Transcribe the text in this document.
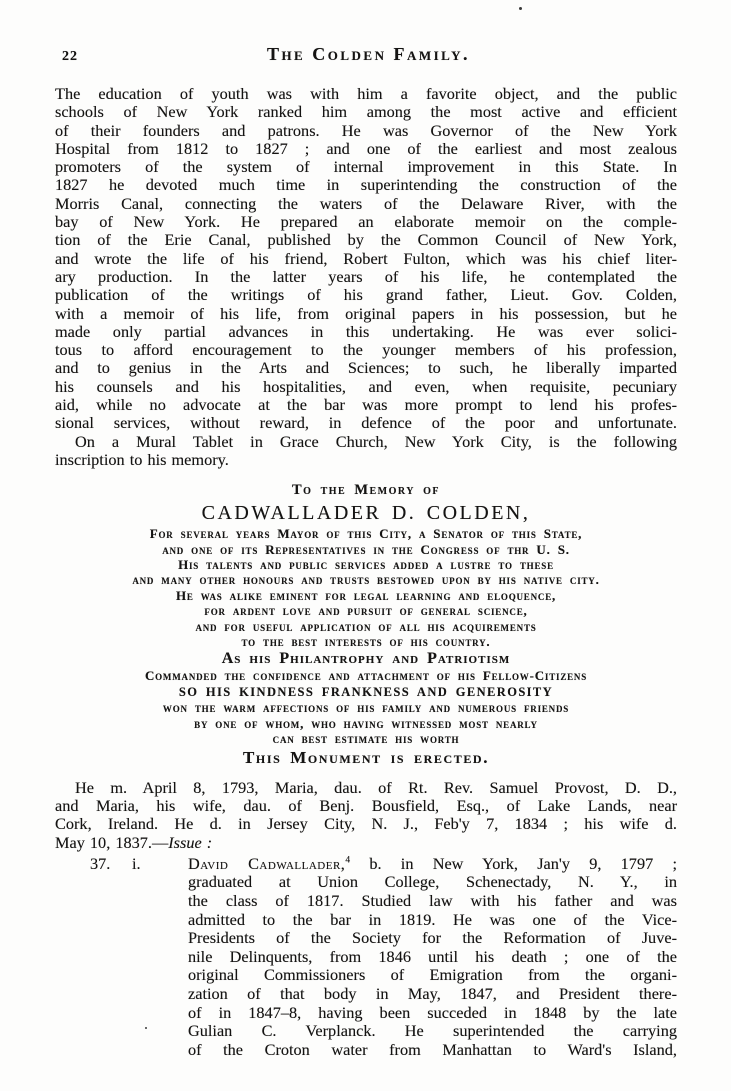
22	The Colden Family.
The education of youth was with him a favorite object, and the public
schools of New York ranked him among the most active and efficient
of their founders and patrons. He was Governor of the New York
Hospital from 1812 to 1827 ; and one of the earliest and most zealous
promoters of the system of internal improvement in this State. In
1827 he devoted much time in superintending the construction of the
Morris Canal, connecting the waters of the Delaware River, with the
bay of New York. He prepared an elaborate memoir on the comple-
tion of the Erie Canal, published by the Common Council of New York,
and wrote the life of his friend, Robert Fulton, which was his chief liter-
ary production. In the latter years of his life, he contemplated the
publication of the writings of his grand father, Lieut. Gov. Colden,
with a memoir of his life, from original papers in his possession, but he
made only partial advances in this undertaking. He was ever solici-
tous to afford encouragement to the younger members of his profession,
and to genius in the Arts and Sciences; to such, he liberally imparted
his counsels and his hospitalities, and even, when requisite, pecuniary
aid, while no advocate at the bar was more prompt to lend his profes-
sional services, without reward, in defence of the poor and unfortunate.
On a Mural Tablet in Grace Church, New York City, is the following
inscription to his memory.
To the Memory of
CADWALLADER D. COLDEN,
For several years Mayor of this City, a Senator of this State,
and one of its Representatives in the Congress of thr U. S.
His talents and public services added a lustre to these
and many other honours and trusts bestowed upon by his native city.
He was alike eminent for legal learning and eloquence,
for ardent love and pursuit of general science,
and for useful application of all his acquirements
to the best interests of his country.
As his Philantrophy and Patriotism
Commanded the confidence and attachment of his Fellow-Citizens
SO HIS KINDNESS FRANKNESS AND GENEROSITY
won the warm affections of his family and numerous friends
by one of whom, who having witnessed most nearly
can best estimate his worth
This Monument is erected.
He m. April 8, 1793, Maria, dau. of Rt. Rev. Samuel Provost, D. D.,
and Maria, his wife, dau. of Benj. Bousfield, Esq., of Lake Lands, near
Cork, Ireland. He d. in Jersey City, N. J., Feb'y 7, 1834 ; his wife d.
May 10, 1837.—Issue :
37.	i.	David Cadwallader,$^4$ b. in New York, Jan'y 9, 1797 ;
graduated at Union College, Schenectady, N. Y., in
the class of 1817. Studied law with his father and was
admitted to the bar in 1819. He was one of the Vice-
Presidents of the Society for the Reformation of Juve-
nile Delinquents, from 1846 until his death ; one of the
original Commissioners of Emigration from the organi-
zation of that body in May, 1847, and President there-
of in 1847–8, having been succeded in 1848 by the late
Gulian C. Verplanck. He superintended the carrying
of the Croton water from Manhattan to Ward's Island,
